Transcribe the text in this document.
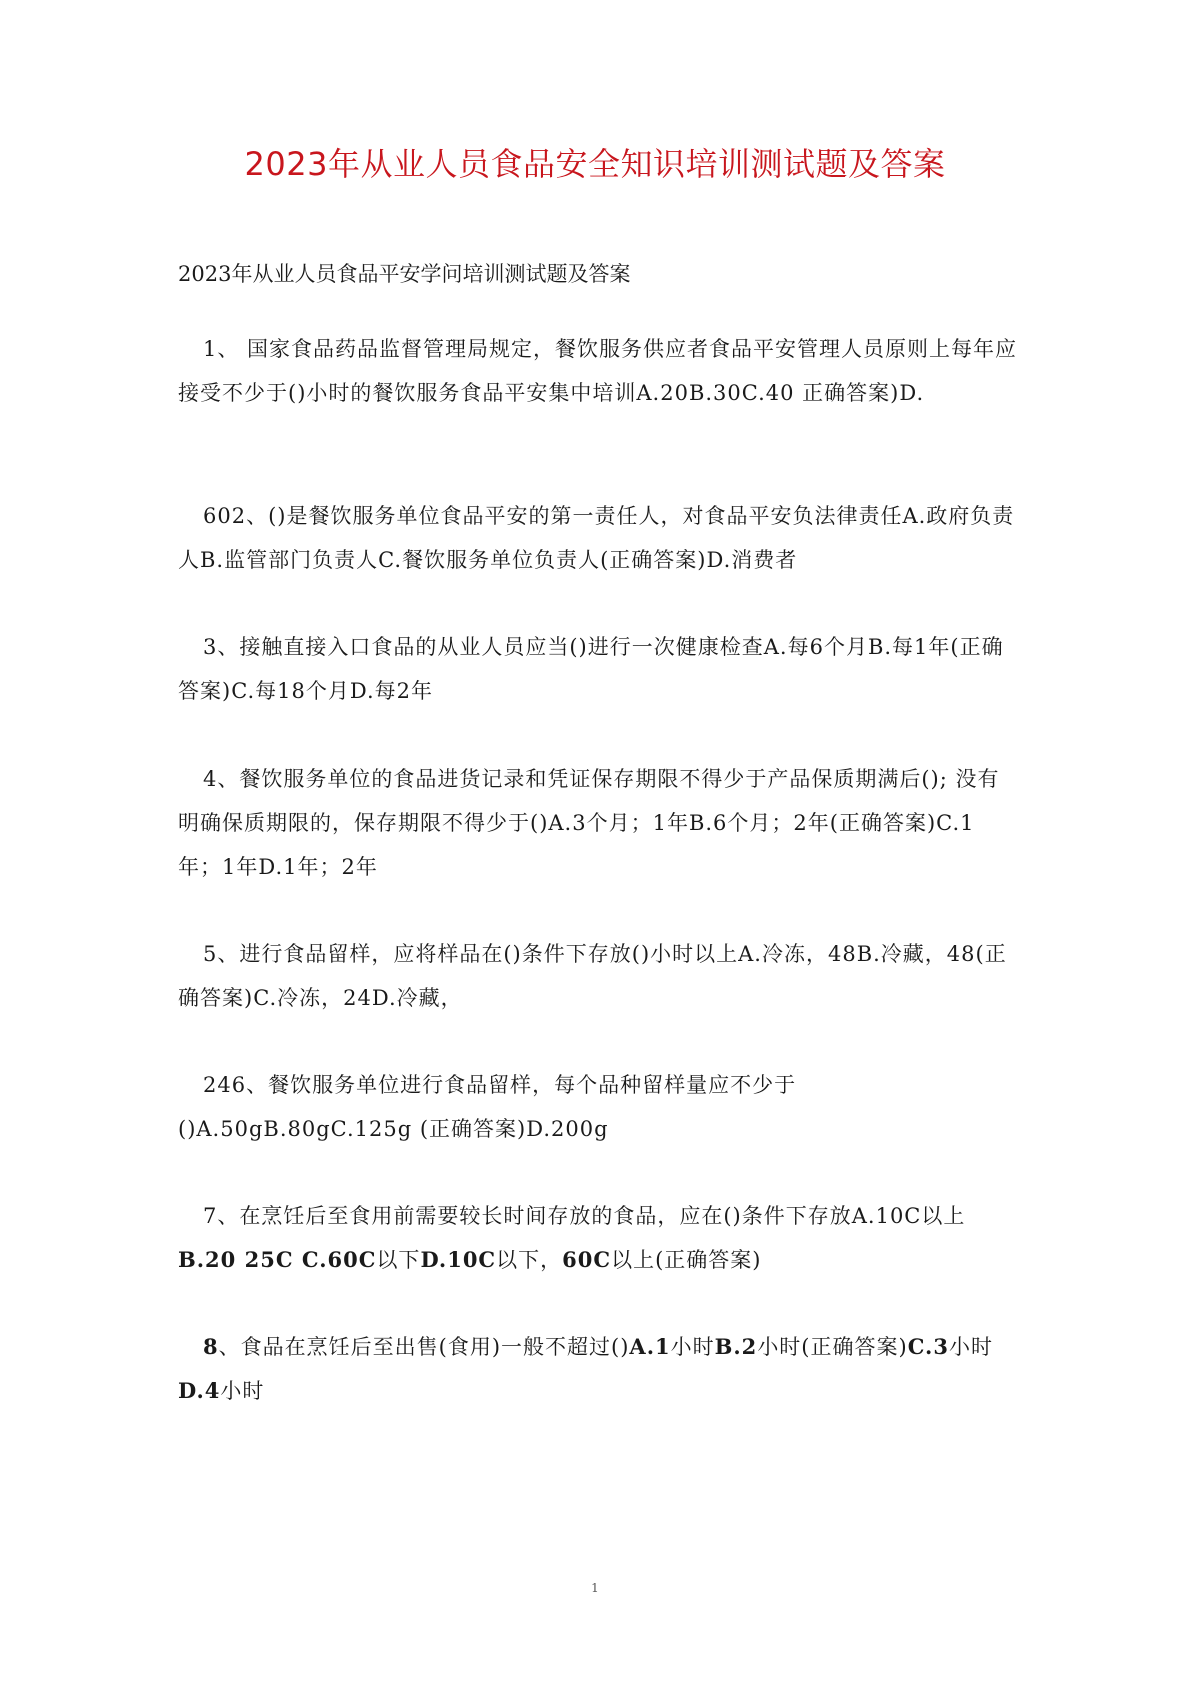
2023年从业人员食品安全知识培训测试题及答案
2023年从业人员食品平安学问培训测试题及答案

1、 国家食品药品监督管理局规定，餐饮服务供应者食品平安管理人员原则上每年应接受不少于()小时的餐饮服务食品平安集中培训A.20B.30C.40 正确答案)D.

602、()是餐饮服务单位食品平安的第一责任人，对食品平安负法律责任A.政府负责人B.监管部门负责人C.餐饮服务单位负责人(正确答案)D.消费者

3、接触直接入口食品的从业人员应当()进行一次健康检查A.每6个月B.每1年(正确答案)C.每18个月D.每2年

4、餐饮服务单位的食品进货记录和凭证保存期限不得少于产品保质期满后(); 没有明确保质期限的，保存期限不得少于()A.3个月；1年B.6个月；2年(正确答案)C.1年；1年D.1年；2年

5、进行食品留样，应将样品在()条件下存放()小时以上A.冷冻，48B.冷藏，48(正确答案)C.冷冻，24D.冷藏，

246、餐饮服务单位进行食品留样，每个品种留样量应不少于()A.50gB.80gC.125g (正确答案)D.200g

7、在烹饪后至食用前需要较长时间存放的食品，应在()条件下存放A.10C以上B.20 25C C.60C以下D.10C以下，60C以上(正确答案)

8、食品在烹饪后至出售(食用)一般不超过()A.1小时B.2小时(正确答案)C.3小时D.4小时

1
